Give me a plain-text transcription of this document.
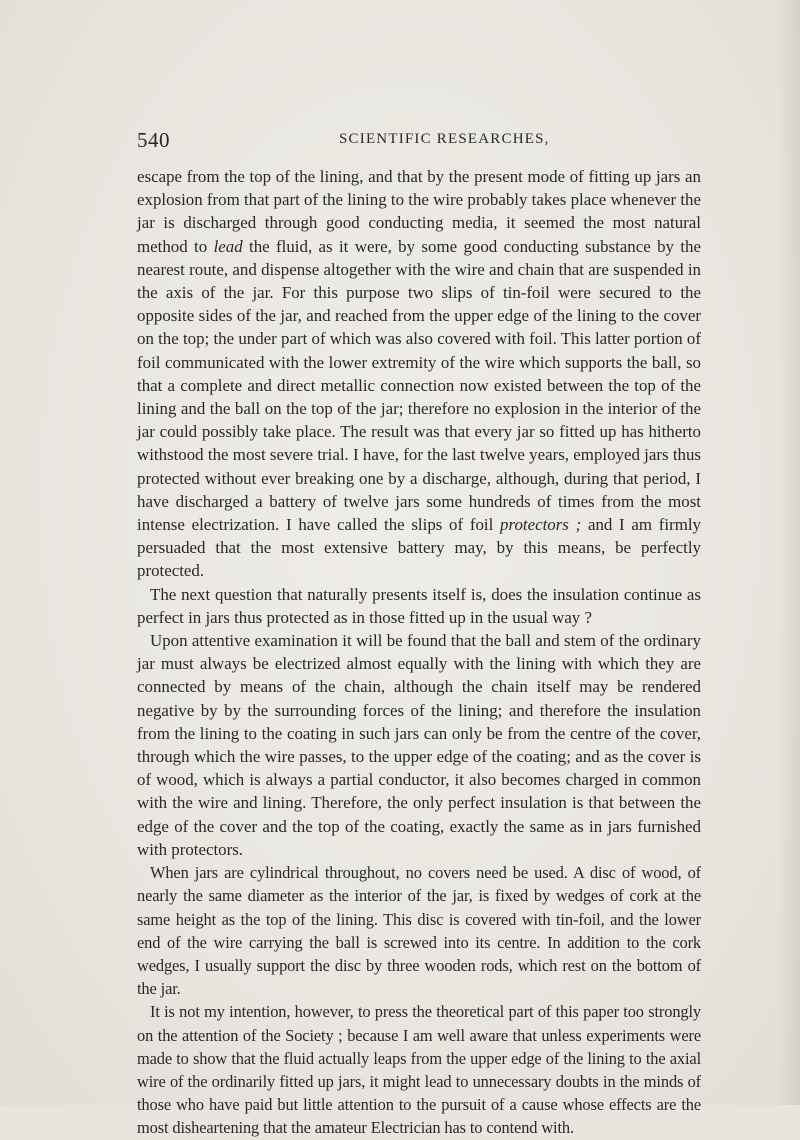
540	SCIENTIFIC RESEARCHES,

escape from the top of the lining, and that by the present mode of fitting up jars an explosion from that part of the lining to the wire probably takes place whenever the jar is discharged through good conducting media, it seemed the most natural method to lead the fluid, as it were, by some good conducting substance by the nearest route, and dispense altogether with the wire and chain that are suspended in the axis of the jar. For this purpose two slips of tin-foil were secured to the opposite sides of the jar, and reached from the upper edge of the lining to the cover on the top; the under part of which was also covered with foil. This latter portion of foil communicated with the lower extremity of the wire which supports the ball, so that a complete and direct metallic connection now existed between the top of the lining and the ball on the top of the jar; therefore no explosion in the interior of the jar could possibly take place. The result was that every jar so fitted up has hitherto withstood the most severe trial. I have, for the last twelve years, employed jars thus protected without ever breaking one by a discharge, although, during that period, I have discharged a battery of twelve jars some hundreds of times from the most intense electrization. I have called the slips of foil protectors ; and I am firmly persuaded that the most extensive battery may, by this means, be perfectly protected.

The next question that naturally presents itself is, does the insulation continue as perfect in jars thus protected as in those fitted up in the usual way ?

Upon attentive examination it will be found that the ball and stem of the ordinary jar must always be electrized almost equally with the lining with which they are connected by means of the chain, although the chain itself may be rendered negative by by the surrounding forces of the lining; and therefore the insulation from the lining to the coating in such jars can only be from the centre of the cover, through which the wire passes, to the upper edge of the coating; and as the cover is of wood, which is always a partial conductor, it also becomes charged in common with the wire and lining. Therefore, the only perfect insulation is that between the edge of the cover and the top of the coating, exactly the same as in jars furnished with protectors.

When jars are cylindrical throughout, no covers need be used. A disc of wood, of nearly the same diameter as the interior of the jar, is fixed by wedges of cork at the same height as the top of the lining. This disc is covered with tin-foil, and the lower end of the wire carrying the ball is screwed into its centre. In addition to the cork wedges, I usually support the disc by three wooden rods, which rest on the bottom of the jar.

It is not my intention, however, to press the theoretical part of this paper too strongly on the attention of the Society ; because I am well aware that unless experiments were made to show that the fluid actually leaps from the upper edge of the lining to the axial wire of the ordinarily fitted up jars, it might lead to unnecessary doubts in the minds of those who have paid but little attention to the pursuit of a cause whose effects are the most disheartening that the amateur Electrician has to contend with.
